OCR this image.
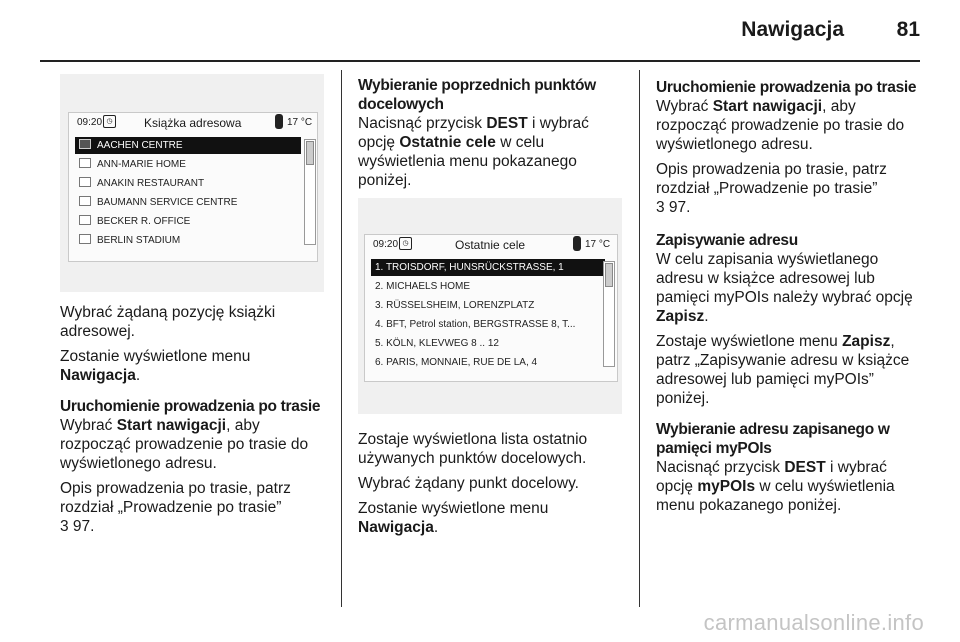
Nawigacja	81
09:20 ◷	Książka adresowa	17 °C
AACHEN CENTRE
ANN-MARIE HOME
ANAKIN RESTAURANT
BAUMANN SERVICE CENTRE
BECKER R. OFFICE
BERLIN STADIUM

Wybrać żądaną pozycję książki adresowej.

Zostanie wyświetlone menu
Nawigacja.

Uruchomienie prowadzenia po trasie

Wybrać Start nawigacji, aby rozpocząć prowadzenie po trasie do wyświetlonego adresu.

Opis prowadzenia po trasie, patrz rozdział „Prowadzenie po trasie”
3 97.

Wybieranie poprzednich punktów docelowych

Nacisnąć przycisk DEST i wybrać opcję Ostatnie cele w celu wyświetlenia menu pokazanego poniżej.

09:20 ◷	Ostatnie cele	17 °C
1. TROISDORF, HUNSRÜCKSTRASSE, 1
2. MICHAELS HOME
3. RÜSSELSHEIM, LORENZPLATZ
4. BFT, Petrol station, BERGSTRASSE 8, T...
5. KÖLN, KLEVWEG 8 .. 12
6. PARIS, MONNAIE, RUE DE LA, 4

Zostaje wyświetlona lista ostatnio używanych punktów docelowych.

Wybrać żądany punkt docelowy.

Zostanie wyświetlone menu
Nawigacja.

Uruchomienie prowadzenia po trasie

Wybrać Start nawigacji, aby rozpocząć prowadzenie po trasie do wyświetlonego adresu.

Opis prowadzenia po trasie, patrz rozdział „Prowadzenie po trasie”
3 97.

Zapisywanie adresu

W celu zapisania wyświetlanego adresu w książce adresowej lub pamięci myPOIs należy wybrać opcję Zapisz.

Zostaje wyświetlone menu Zapisz, patrz „Zapisywanie adresu w książce adresowej lub pamięci myPOIs” poniżej.

Wybieranie adresu zapisanego w pamięci myPOIs

Nacisnąć przycisk DEST i wybrać opcję myPOIs w celu wyświetlenia menu pokazanego poniżej.

carmanualsonline.info
